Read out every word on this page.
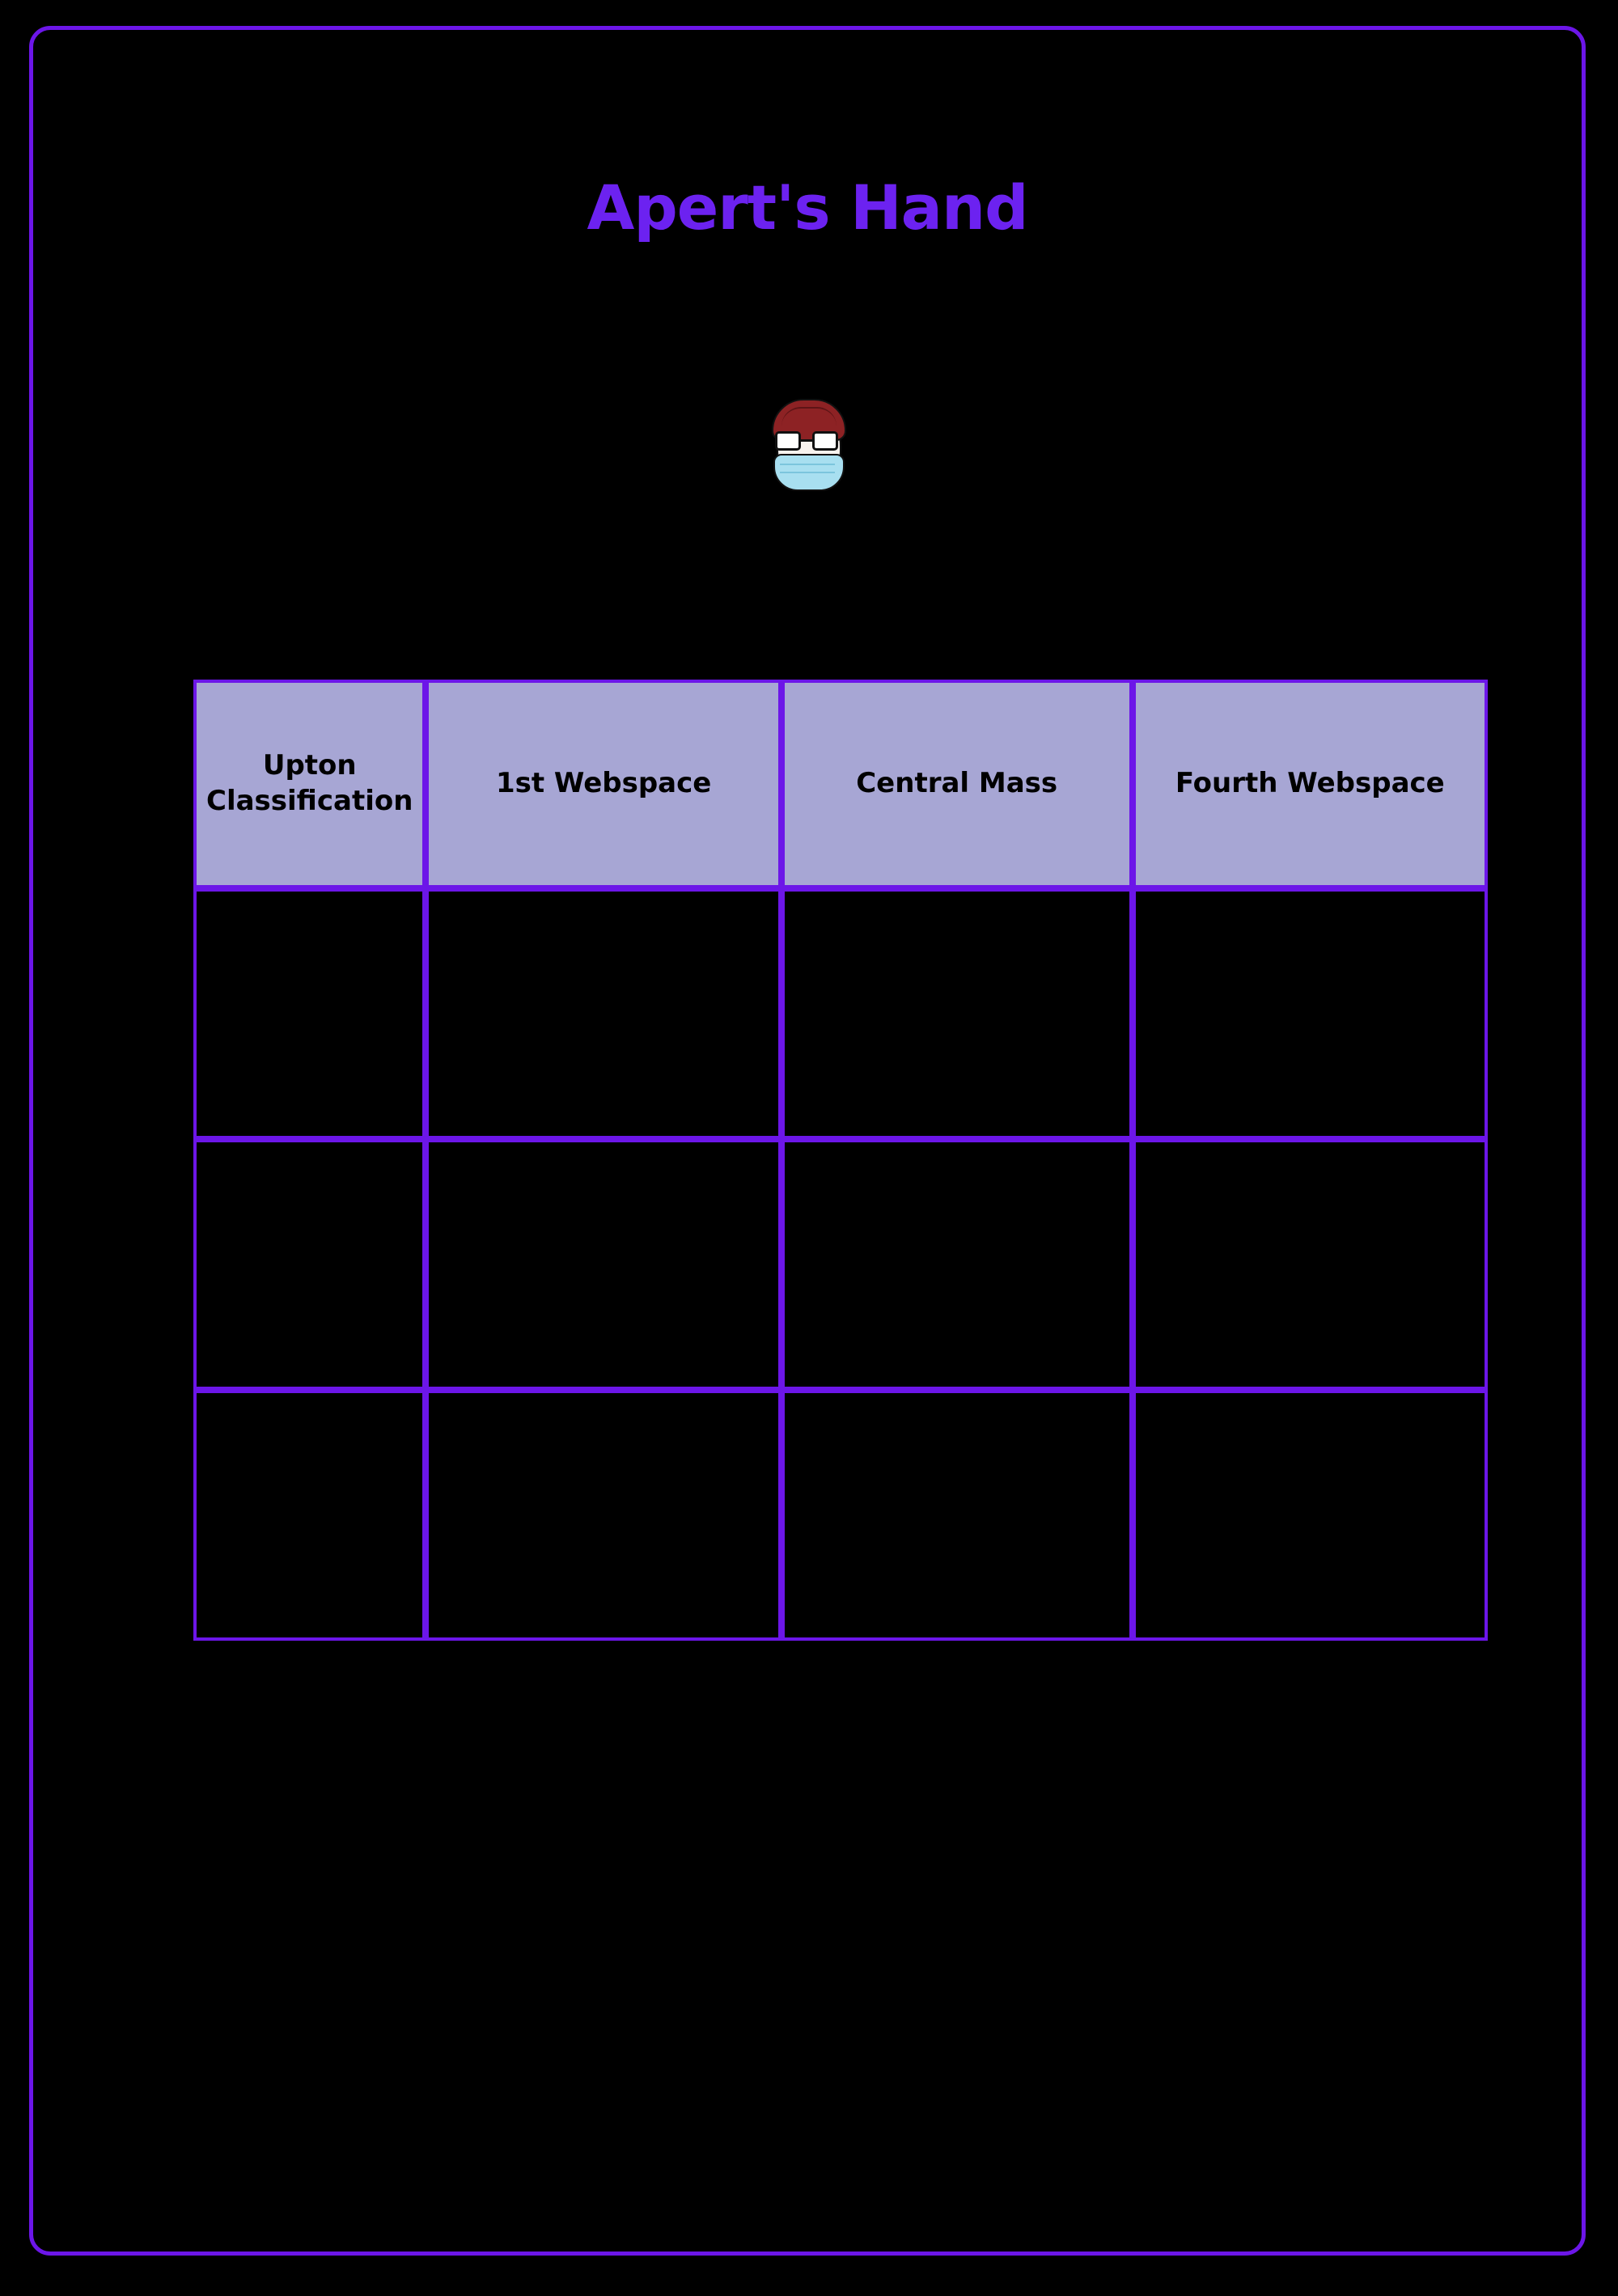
Apert's Hand
Upton Classification	1st Webspace	Central Mass	Fourth Webspace
